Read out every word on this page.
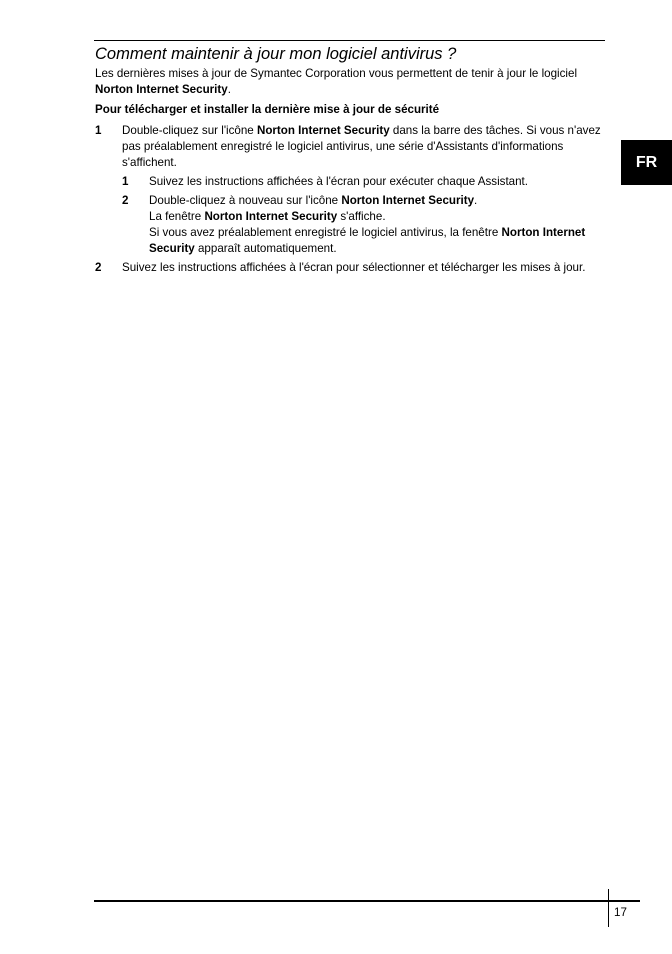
Comment maintenir à jour mon logiciel antivirus ?

Les dernières mises à jour de Symantec Corporation vous permettent de tenir à jour le logiciel Norton Internet Security.

Pour télécharger et installer la dernière mise à jour de sécurité
1 Double-cliquez sur l'icône Norton Internet Security dans la barre des tâches. Si vous n'avez pas préalablement enregistré le logiciel antivirus, une série d'Assistants d'informations s'affichent.
1 Suivez les instructions affichées à l'écran pour exécuter chaque Assistant.
2 Double-cliquez à nouveau sur l'icône Norton Internet Security.
La fenêtre Norton Internet Security s'affiche.
Si vous avez préalablement enregistré le logiciel antivirus, la fenêtre Norton Internet Security apparaît automatiquement.
2 Suivez les instructions affichées à l'écran pour sélectionner et télécharger les mises à jour.
FR
17
